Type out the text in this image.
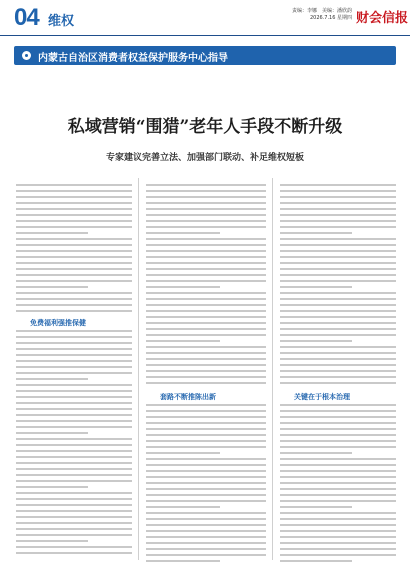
04 维权
责编：李娜　美编：潘欣韵
2026.7.16 星期四 财会信报
内蒙古自治区消费者权益保护服务中心指导
私域营销“围猎”老年人手段不断升级
专家建议完善立法、加强部门联动、补足维权短板
免费福利强推保健
套路不断推陈出新	关键在于根本治理
